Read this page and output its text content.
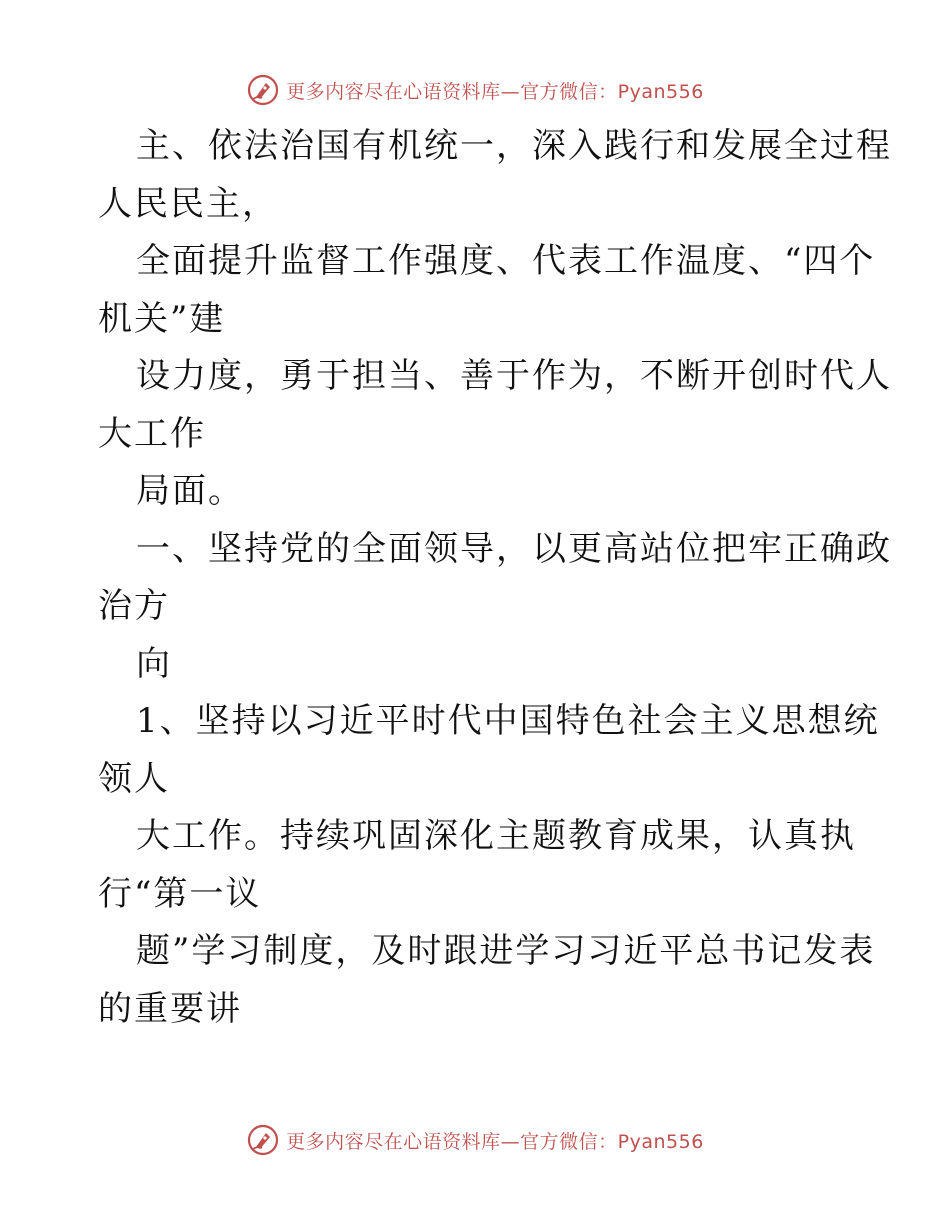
更多内容尽在心语资料库—官方微信：Pyan556
主、依法治国有机统一，深入践行和发展全过程
人民民主，
全面提升监督工作强度、代表工作温度、“四个
机关”建
设力度，勇于担当、善于作为，不断开创时代人
大工作
局面。
一、坚持党的全面领导，以更高站位把牢正确政
治方
向
1、坚持以习近平时代中国特色社会主义思想统
领人
大工作。持续巩固深化主题教育成果，认真执
行“第一议
题”学习制度，及时跟进学习习近平总书记发表
的重要讲
更多内容尽在心语资料库—官方微信：Pyan556
